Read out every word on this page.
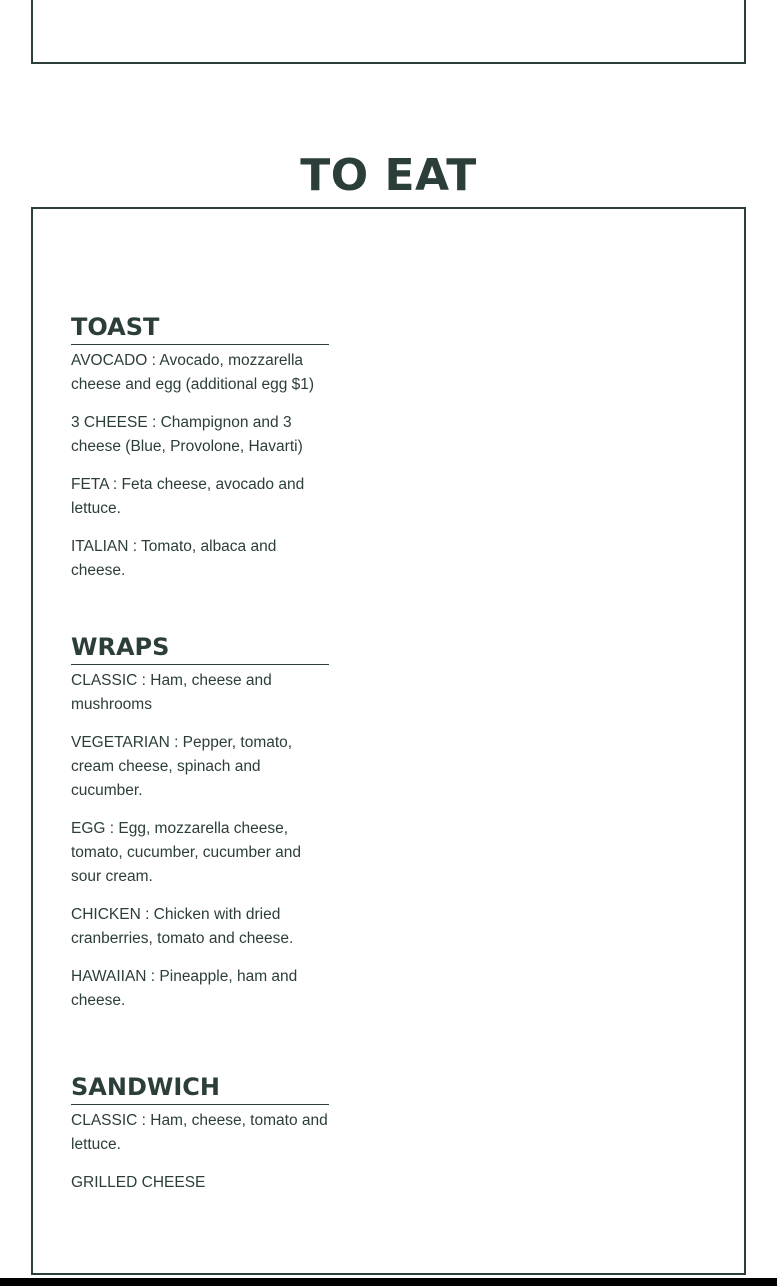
TO EAT
TOAST

AVOCADO : Avocado, mozzarella cheese and egg (additional egg $1)

3 CHEESE : Champignon and 3 cheese (Blue, Provolone, Havarti)

FETA : Feta cheese, avocado and lettuce.

ITALIAN : Tomato, albaca and cheese.

WRAPS

CLASSIC : Ham, cheese and mushrooms

VEGETARIAN : Pepper, tomato, cream cheese, spinach and cucumber.

EGG : Egg, mozzarella cheese, tomato, cucumber, cucumber and sour cream.

CHICKEN : Chicken with dried cranberries, tomato and cheese.

HAWAIIAN : Pineapple, ham and cheese.

SANDWICH

CLASSIC : Ham, cheese, tomato and lettuce.

GRILLED CHEESE
